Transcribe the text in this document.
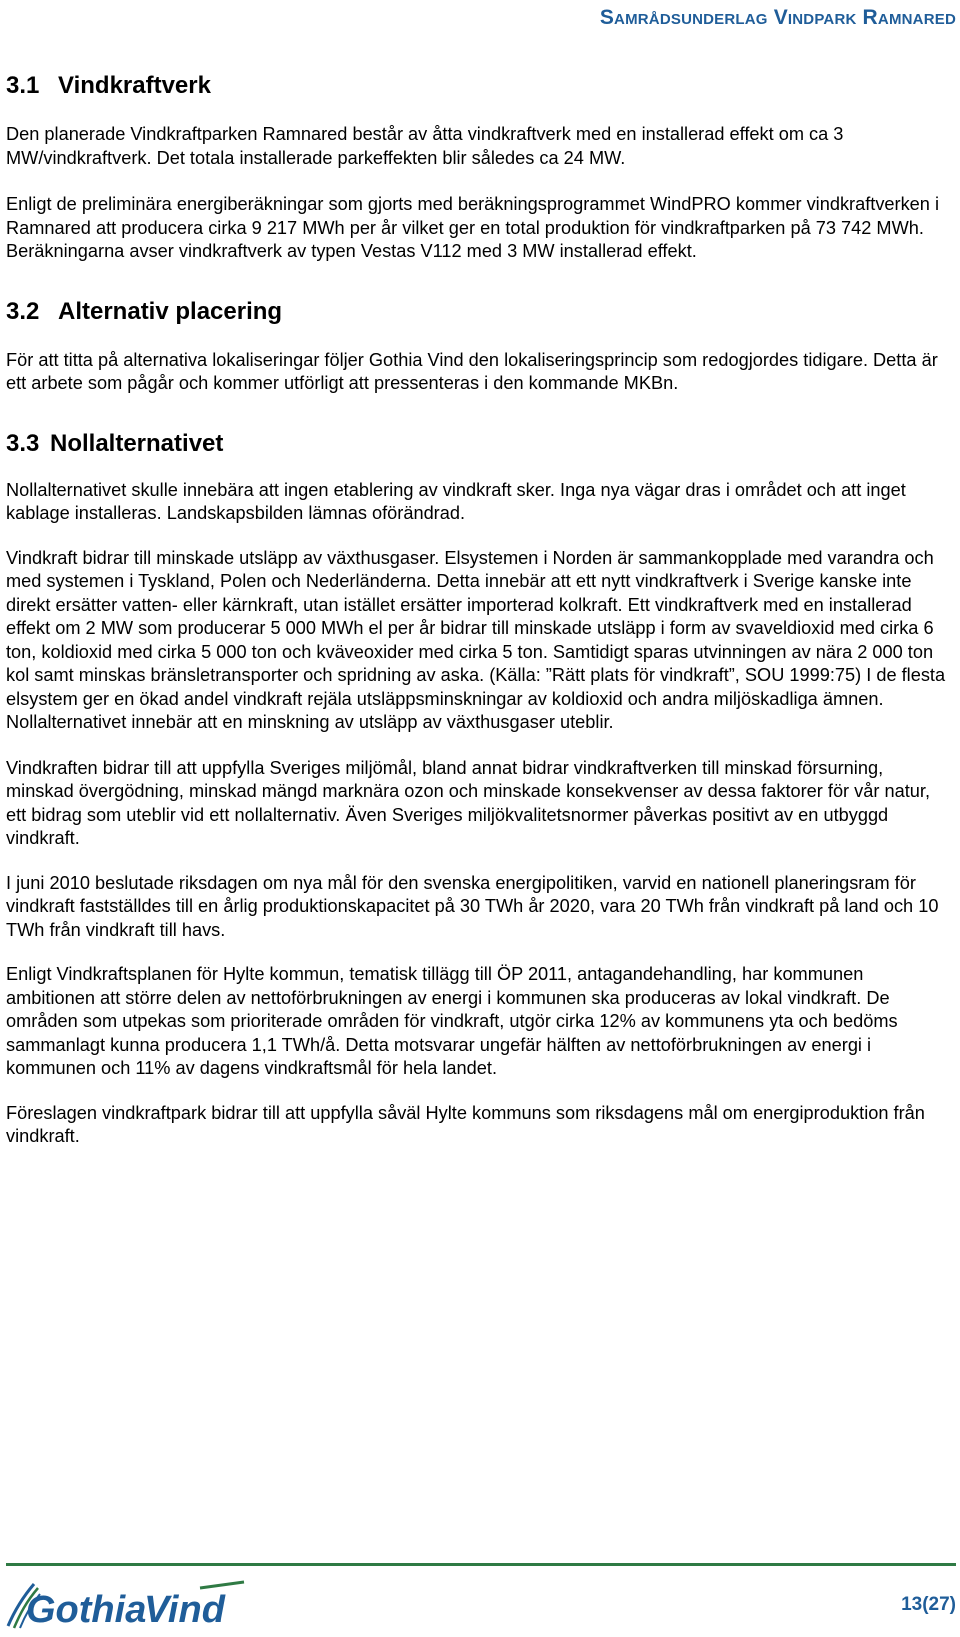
Samrådsunderlag Vindpark Ramnared
3.1 Vindkraftverk

Den planerade Vindkraftparken Ramnared består av åtta vindkraftverk med en installerad effekt om ca 3 MW/vindkraftverk. Det totala installerade parkeffekten blir således ca 24 MW.

Enligt de preliminära energiberäkningar som gjorts med beräkningsprogrammet WindPRO kommer vindkraftverken i Ramnared att producera cirka 9 217 MWh per år vilket ger en total produktion för vindkraftparken på 73 742 MWh. Beräkningarna avser vindkraftverk av typen Vestas V112 med 3 MW installerad effekt.

3.2 Alternativ placering

För att titta på alternativa lokaliseringar följer Gothia Vind den lokaliseringsprincip som redogjordes tidigare. Detta är ett arbete som pågår och kommer utförligt att pressenteras i den kommande MKBn.

3.3 Nollalternativet

Nollalternativet skulle innebära att ingen etablering av vindkraft sker. Inga nya vägar dras i området och att inget kablage installeras. Landskapsbilden lämnas oförändrad.

Vindkraft bidrar till minskade utsläpp av växthusgaser. Elsystemen i Norden är sammankopplade med varandra och med systemen i Tyskland, Polen och Nederländerna. Detta innebär att ett nytt vindkraftverk i Sverige kanske inte direkt ersätter vatten- eller kärnkraft, utan istället ersätter importerad kolkraft. Ett vindkraftverk med en installerad effekt om 2 MW som producerar 5 000 MWh el per år bidrar till minskade utsläpp i form av svaveldioxid med cirka 6 ton, koldioxid med cirka 5 000 ton och kväveoxider med cirka 5 ton. Samtidigt sparas utvinningen av nära 2 000 ton kol samt minskas bränsletransporter och spridning av aska. (Källa: ”Rätt plats för vindkraft”, SOU 1999:75) I de flesta elsystem ger en ökad andel vindkraft rejäla utsläppsminskningar av koldioxid och andra miljöskadliga ämnen. Nollalternativet innebär att en minskning av utsläpp av växthusgaser uteblir.

Vindkraften bidrar till att uppfylla Sveriges miljömål, bland annat bidrar vindkraftverken till minskad försurning, minskad övergödning, minskad mängd marknära ozon och minskade konsekvenser av dessa faktorer för vår natur, ett bidrag som uteblir vid ett nollalternativ. Även Sveriges miljökvalitetsnormer påverkas positivt av en utbyggd vindkraft.

I juni 2010 beslutade riksdagen om nya mål för den svenska energipolitiken, varvid en nationell planeringsram för vindkraft fastställdes till en årlig produktionskapacitet på 30 TWh år 2020, vara 20 TWh från vindkraft på land och 10 TWh från vindkraft till havs.

Enligt Vindkraftsplanen för Hylte kommun, tematisk tillägg till ÖP 2011, antagandehandling, har kommunen ambitionen att större delen av nettoförbrukningen av energi i kommunen ska produceras av lokal vindkraft. De områden som utpekas som prioriterade områden för vindkraft, utgör cirka 12% av kommunens yta och bedöms sammanlagt kunna producera 1,1 TWh/å. Detta motsvarar ungefär hälften av nettoförbrukningen av energi i kommunen och 11% av dagens vindkraftsmål för hela landet.

Föreslagen vindkraftpark bidrar till att uppfylla såväl Hylte kommuns som riksdagens mål om energiproduktion från vindkraft.

Gothia
Vind	13(27)
